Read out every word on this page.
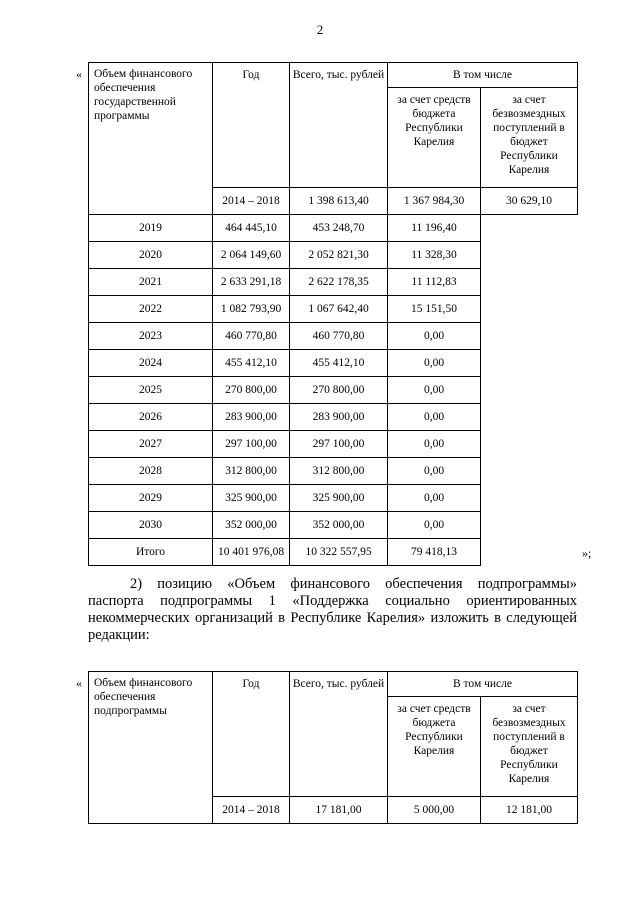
2
« Объем финансового обеспечения государственной программы	Год	Всего, тыс. рублей	В том числе	
			за счет средств бюджета Республики Карелия	за счет безвозмездных поступлений в бюджет Республики Карелия
	2014 – 2018	1 398 613,40	1 367 984,30	30 629,10
2019	464 445,10	453 248,70	11 196,40	
2020	2 064 149,60	2 052 821,30	11 328,30	
2021	2 633 291,18	2 622 178,35	11 112,83	
2022	1 082 793,90	1 067 642,40	15 151,50	
2023	460 770,80	460 770,80	0,00	
2024	455 412,10	455 412,10	0,00	
2025	270 800,00	270 800,00	0,00	
2026	283 900,00	283 900,00	0,00	
2027	297 100,00	297 100,00	0,00	
2028	312 800,00	312 800,00	0,00	
2029	325 900,00	325 900,00	0,00	
2030	352 000,00	352 000,00	0,00	
Итого	10 401 976,08	10 322 557,95	79 418,13		»;
2) позицию «Объем финансового обеспечения подпрограммы»
паспорта подпрограммы 1 «Поддержка социально ориентированных
некоммерческих организаций в Республике Карелия» изложить в следующей
редакции:
« Объем финансового обеспечения подпрограммы	Год	Всего, тыс. рублей	В том числе	
			за счет средств бюджета Республики Карелия	за счет безвозмездных поступлений в бюджет Республики Карелия
	2014 – 2018	17 181,00	5 000,00	12 181,00
